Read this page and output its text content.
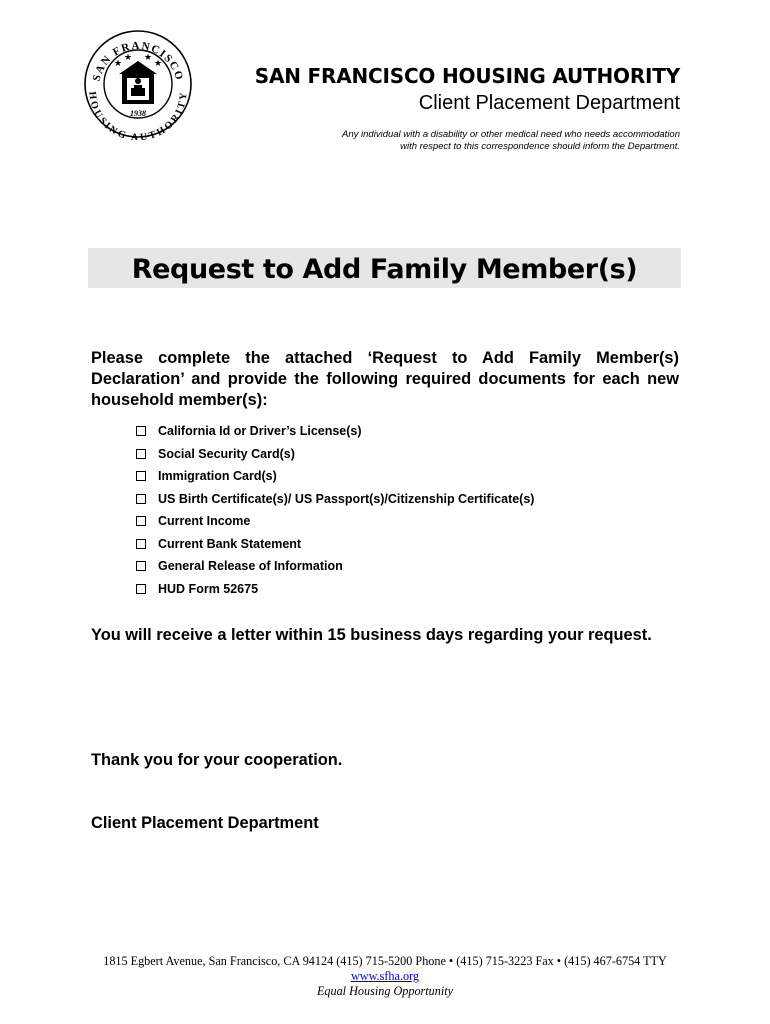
SAN FRANCISCO
HOUSING AUTHORITY
★
★ ★
★
1938
SAN FRANCISCO HOUSING AUTHORITY
Client Placement Department
Any individual with a disability or other medical need who needs accommodation
with respect to this correspondence should inform the Department.
Request to Add Family Member(s)
Please complete the attached ‘Request to Add Family Member(s) Declaration’ and provide the following required documents for each new household member(s):
California Id or Driver’s License(s)
Social Security Card(s)
Immigration Card(s)
US Birth Certificate(s)/ US Passport(s)/Citizenship Certificate(s)
Current Income
Current Bank Statement
General Release of Information
HUD Form 52675
You will receive a letter within 15 business days regarding your request.
Thank you for your cooperation.
Client Placement Department
1815 Egbert Avenue, San Francisco, CA 94124 (415) 715-5200 Phone • (415) 715-3223 Fax • (415) 467-6754 TTY
www.sfha.org
Equal Housing Opportunity
